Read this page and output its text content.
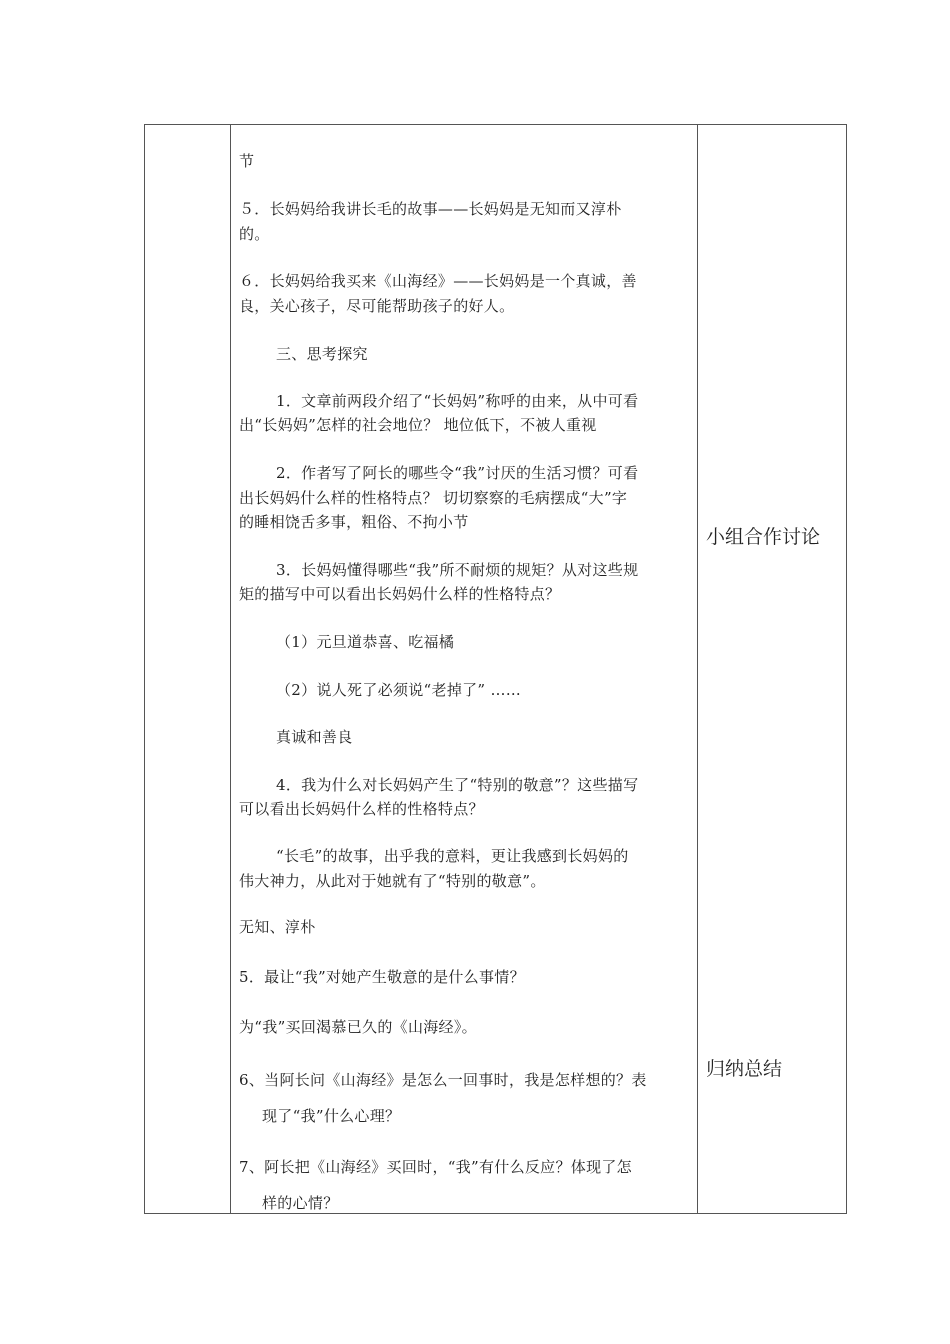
节
５．长妈妈给我讲长毛的故事——长妈妈是无知而又淳朴
的。
６．长妈妈给我买来《山海经》——长妈妈是一个真诚，善
良，关心孩子，尽可能帮助孩子的好人。
三、思考探究
1．文章前两段介绍了“长妈妈”称呼的由来，从中可看
出“长妈妈”怎样的社会地位？ 地位低下，不被人重视
2．作者写了阿长的哪些令“我”讨厌的生活习惯？可看
出长妈妈什么样的性格特点？ 切切察察的毛病摆成“大”字
的睡相饶舌多事，粗俗、不拘小节
3．长妈妈懂得哪些“我”所不耐烦的规矩？从对这些规
矩的描写中可以看出长妈妈什么样的性格特点？
（1）元旦道恭喜、吃福橘
（2）说人死了必须说“老掉了” ……
真诚和善良
4．我为什么对长妈妈产生了“特别的敬意”？这些描写
可以看出长妈妈什么样的性格特点？
“长毛”的故事，出乎我的意料，更让我感到长妈妈的
伟大神力，从此对于她就有了“特别的敬意”。
无知、淳朴
5．最让“我”对她产生敬意的是什么事情？
为“我”买回渴慕已久的《山海经》。
6、当阿长问《山海经》是怎么一回事时，我是怎样想的？表
现了“我”什么心理？
7、阿长把《山海经》买回时，“我”有什么反应？体现了怎
样的心情？
小组合作讨论
归纳总结
